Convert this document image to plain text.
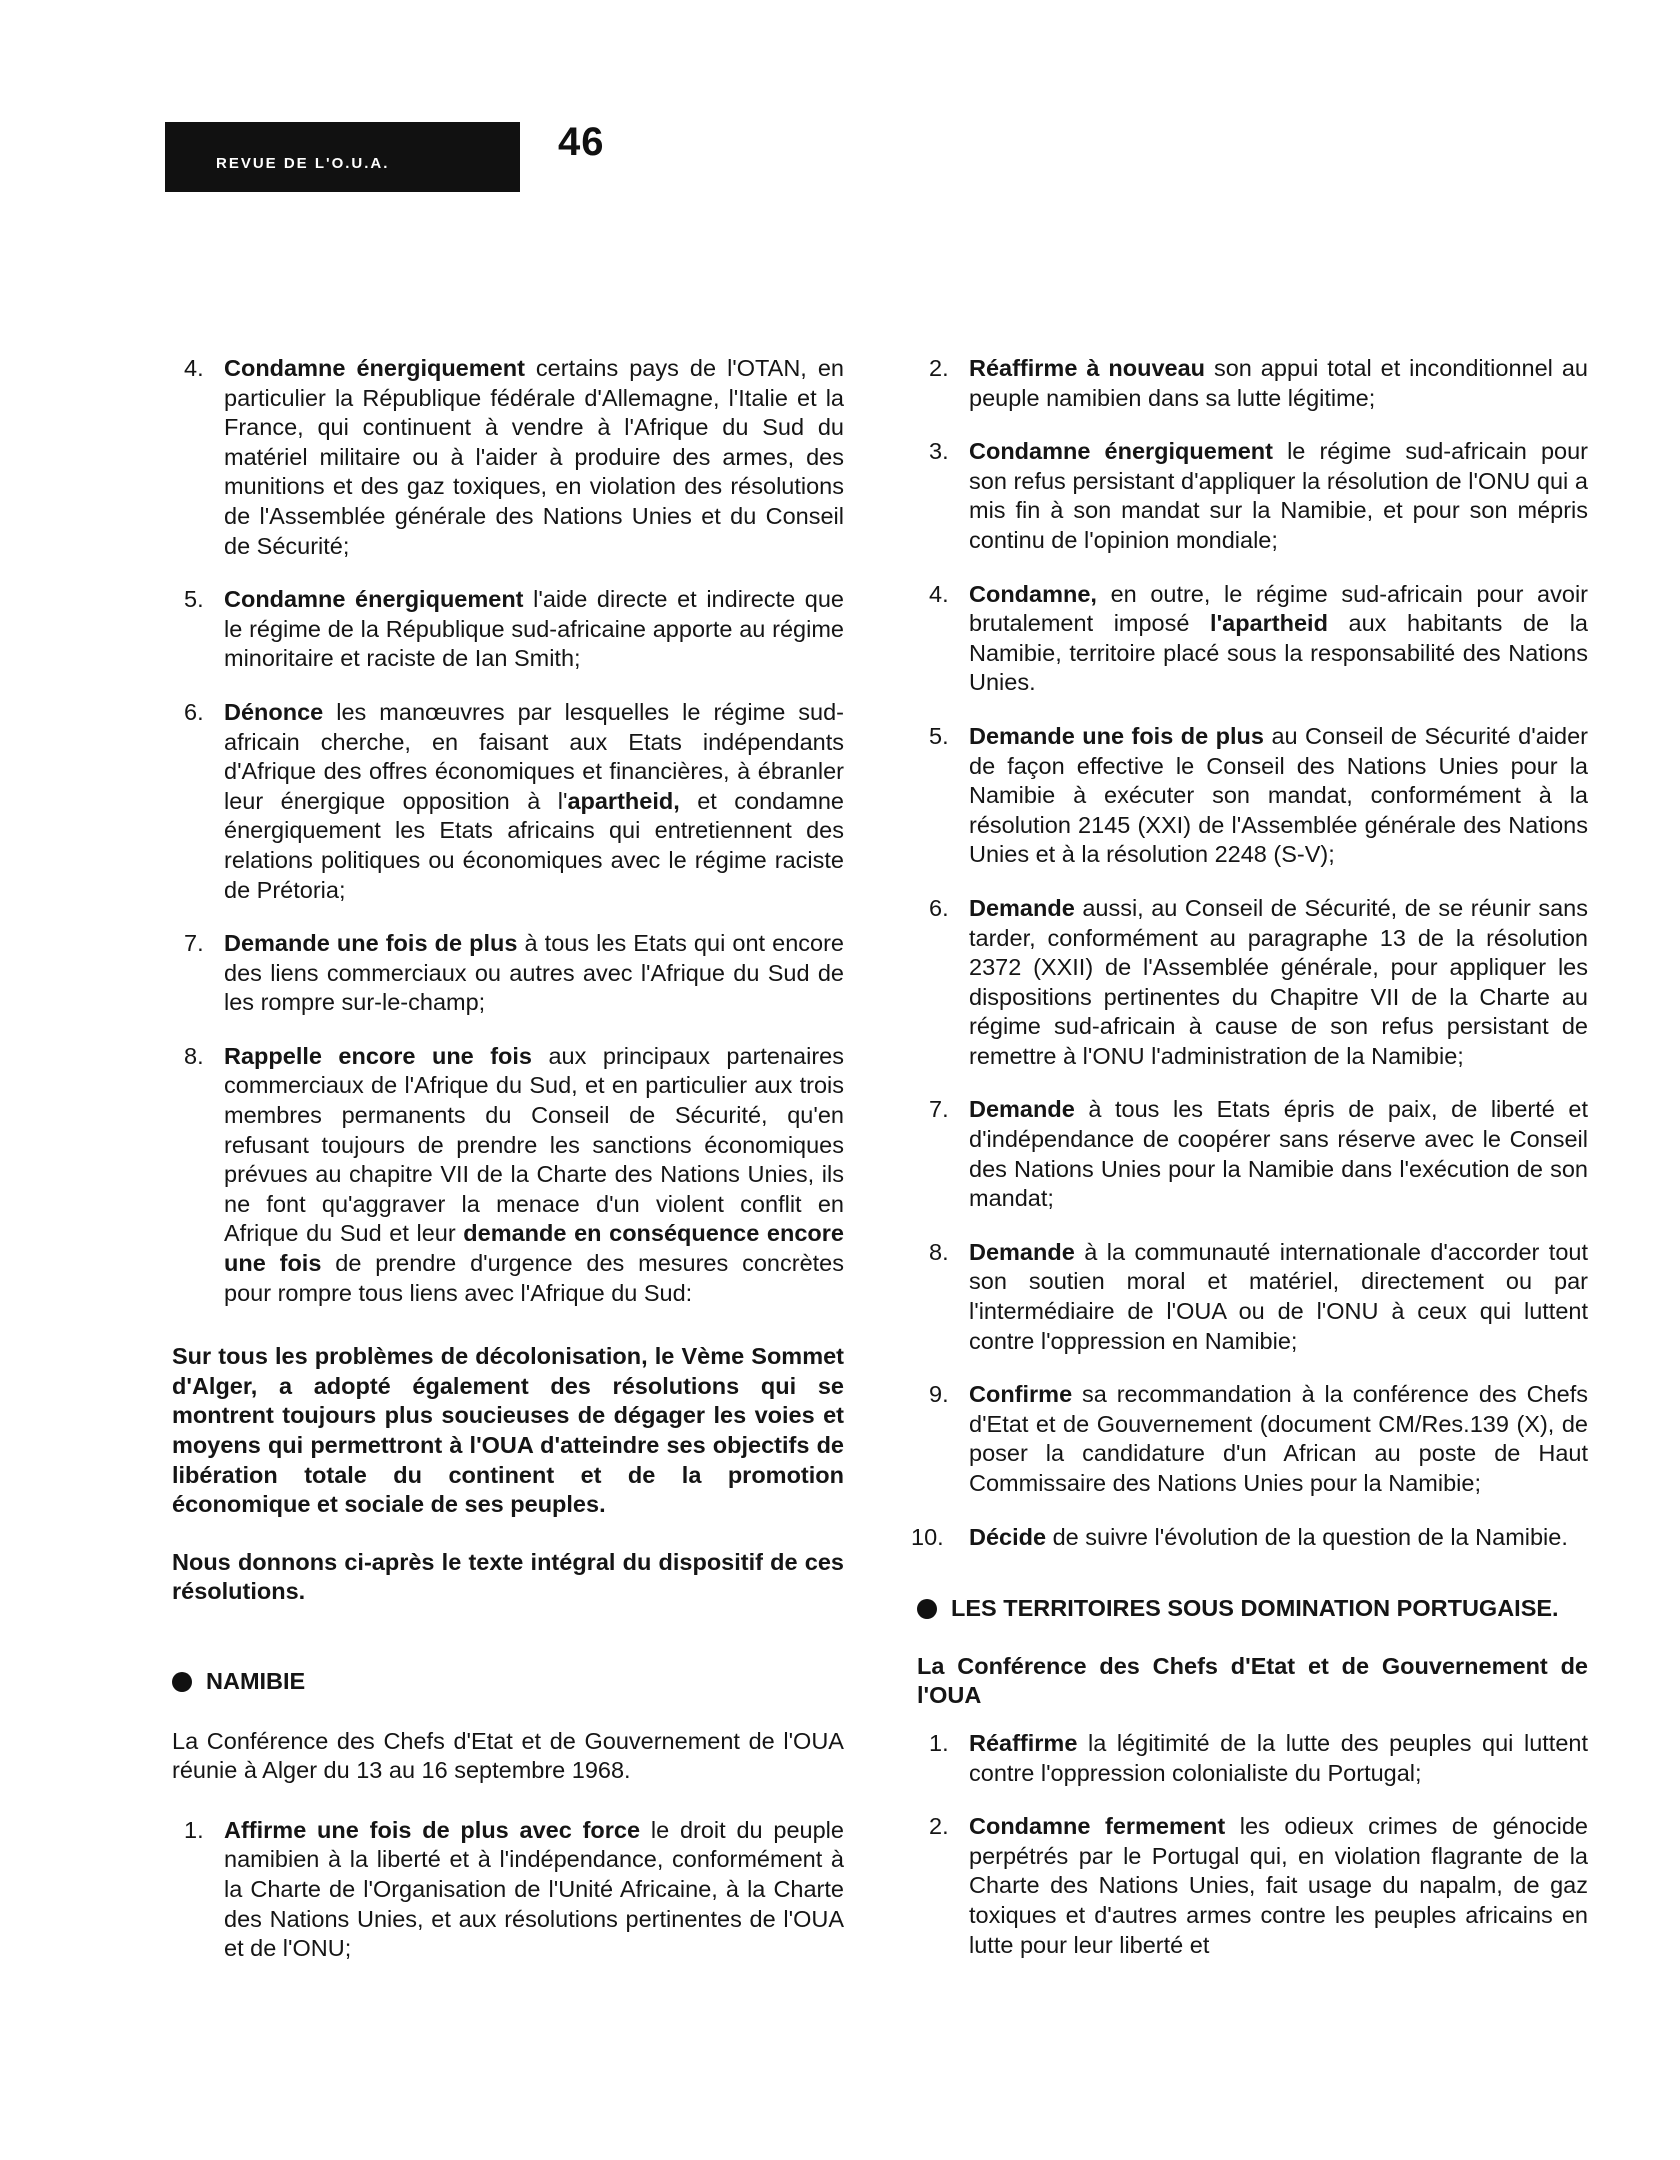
REVUE DE L'O.U.A.	46
4. Condamne énergiquement certains pays de l'OTAN, en particulier la République fédérale d'Allemagne, l'Italie et la France, qui continuent à vendre à l'Afrique du Sud du matériel militaire ou à l'aider à produire des armes, des munitions et des gaz toxiques, en violation des résolutions de l'Assemblée générale des Nations Unies et du Conseil de Sécurité;

5. Condamne énergiquement l'aide directe et indirecte que le régime de la République sud-africaine apporte au régime minoritaire et raciste de Ian Smith;

6. Dénonce les manœuvres par lesquelles le régime sud-africain cherche, en faisant aux Etats indépendants d'Afrique des offres économiques et financières, à ébranler leur énergique opposition à l'apartheid, et condamne énergiquement les Etats africains qui entretiennent des relations politiques ou économiques avec le régime raciste de Prétoria;

7. Demande une fois de plus à tous les Etats qui ont encore des liens commerciaux ou autres avec l'Afrique du Sud de les rompre sur-le-champ;

8. Rappelle encore une fois aux principaux partenaires commerciaux de l'Afrique du Sud, et en particulier aux trois membres permanents du Conseil de Sécurité, qu'en refusant toujours de prendre les sanctions économiques prévues au chapitre VII de la Charte des Nations Unies, ils ne font qu'aggraver la menace d'un violent conflit en Afrique du Sud et leur demande en conséquence encore une fois de prendre d'urgence des mesures concrètes pour rompre tous liens avec l'Afrique du Sud:

Sur tous les problèmes de décolonisation, le Vème Sommet d'Alger, a adopté également des résolutions qui se montrent toujours plus soucieuses de dégager les voies et moyens qui permettront à l'OUA d'atteindre ses objectifs de libération totale du continent et de la promotion économique et sociale de ses peuples.

Nous donnons ci-après le texte intégral du dispositif de ces résolutions.

NAMIBIE

La Conférence des Chefs d'Etat et de Gouvernement de l'OUA réunie à Alger du 13 au 16 septembre 1968.

1. Affirme une fois de plus avec force le droit du peuple namibien à la liberté et à l'indépendance, conformément à la Charte de l'Organisation de l'Unité Africaine, à la Charte des Nations Unies, et aux résolutions pertinentes de l'OUA et de l'ONU;

2. Réaffirme à nouveau son appui total et inconditionnel au peuple namibien dans sa lutte légitime;

3. Condamne énergiquement le régime sud-africain pour son refus persistant d'appliquer la résolution de l'ONU qui a mis fin à son mandat sur la Namibie, et pour son mépris continu de l'opinion mondiale;

4. Condamne, en outre, le régime sud-africain pour avoir brutalement imposé l'apartheid aux habitants de la Namibie, territoire placé sous la responsabilité des Nations Unies.

5. Demande une fois de plus au Conseil de Sécurité d'aider de façon effective le Conseil des Nations Unies pour la Namibie à exécuter son mandat, conformément à la résolution 2145 (XXI) de l'Assemblée générale des Nations Unies et à la résolution 2248 (S-V);

6. Demande aussi, au Conseil de Sécurité, de se réunir sans tarder, conformément au paragraphe 13 de la résolution 2372 (XXII) de l'Assemblée générale, pour appliquer les dispositions pertinentes du Chapitre VII de la Charte au régime sud-africain à cause de son refus persistant de remettre à l'ONU l'administration de la Namibie;

7. Demande à tous les Etats épris de paix, de liberté et d'indépendance de coopérer sans réserve avec le Conseil des Nations Unies pour la Namibie dans l'exécution de son mandat;

8. Demande à la communauté internationale d'accorder tout son soutien moral et matériel, directement ou par l'intermédiaire de l'OUA ou de l'ONU à ceux qui luttent contre l'oppression en Namibie;

9. Confirme sa recommandation à la conférence des Chefs d'Etat et de Gouvernement (document CM/Res.139 (X), de poser la candidature d'un African au poste de Haut Commissaire des Nations Unies pour la Namibie;

10. Décide de suivre l'évolution de la question de la Namibie.

LES TERRITOIRES SOUS DOMINATION PORTUGAISE.

La Conférence des Chefs d'Etat et de Gouvernement de l'OUA

1. Réaffirme la légitimité de la lutte des peuples qui luttent contre l'oppression colonialiste du Portugal;

2. Condamne fermement les odieux crimes de génocide perpétrés par le Portugal qui, en violation flagrante de la Charte des Nations Unies, fait usage du napalm, de gaz toxiques et d'autres armes contre les peuples africains en lutte pour leur liberté et
